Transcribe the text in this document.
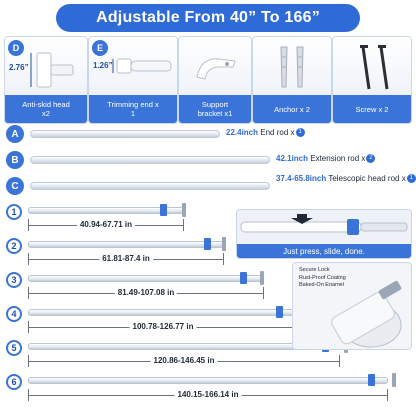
Adjustable From 40” To 166”
D
2.76”
Anti-skid head
x2
E
1.26”
Trimming end x
1
Support
bracket x1	Anchor x 2	Screw x 2
A	22.4inch End rod x 1
B	42.1inch Extension rod x 2
C
37.4-65.8inch Telescopic head rod x 1
1
40.94-67.71 in
2
61.81-87.4 in
3
81.49-107.08 in
4
100.78-126.77 in
5
120.86-146.45 in
6
140.15-166.14 in
Just press, slide, done.
Secure Lock
Rust-Proof Coating
Baked-On Enamel
